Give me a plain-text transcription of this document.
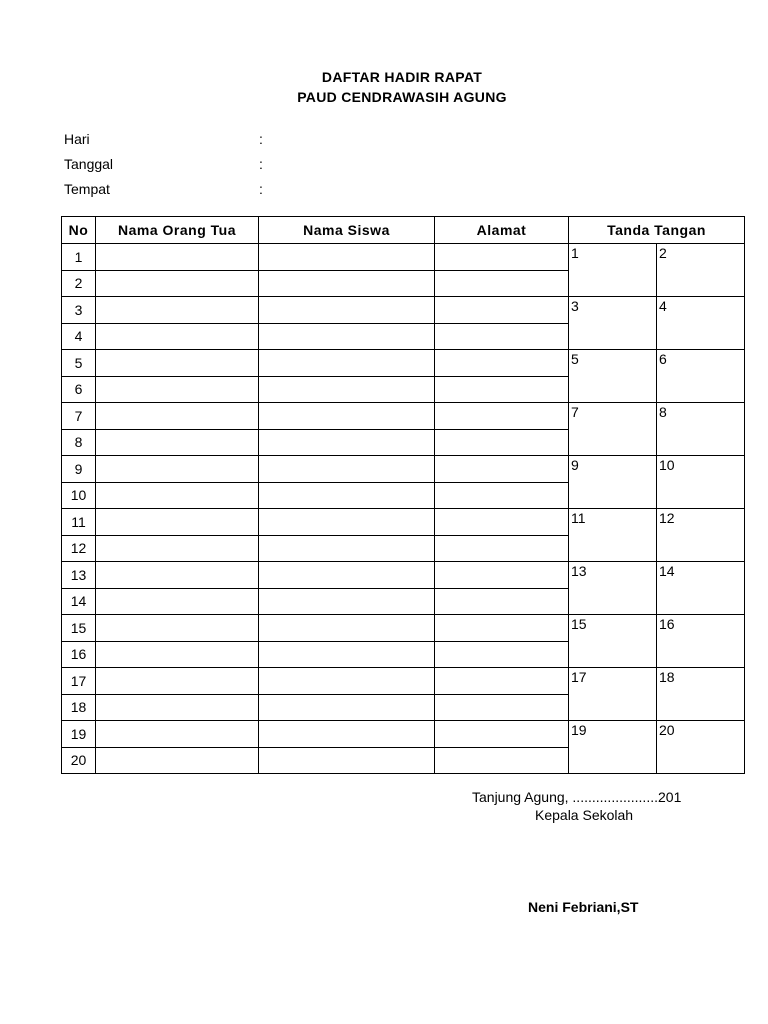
DAFTAR HADIR RAPAT
PAUD CENDRAWASIH AGUNG
Hari	:
Tanggal	:
Tempat	:
No	Nama Orang Tua	Nama Siswa	Alamat	Tanda Tangan	
1				1	2
2					
3				3	4
4					
5				5	6
6					
7				7	8
8					
9				9	10
10					
11				11	12
12					
13				13	14
14					
15				15	16
16					
17				17	18
18					
19				19	20
20					
Tanjung Agung, ......................201
Kepala Sekolah
Neni Febriani,ST
